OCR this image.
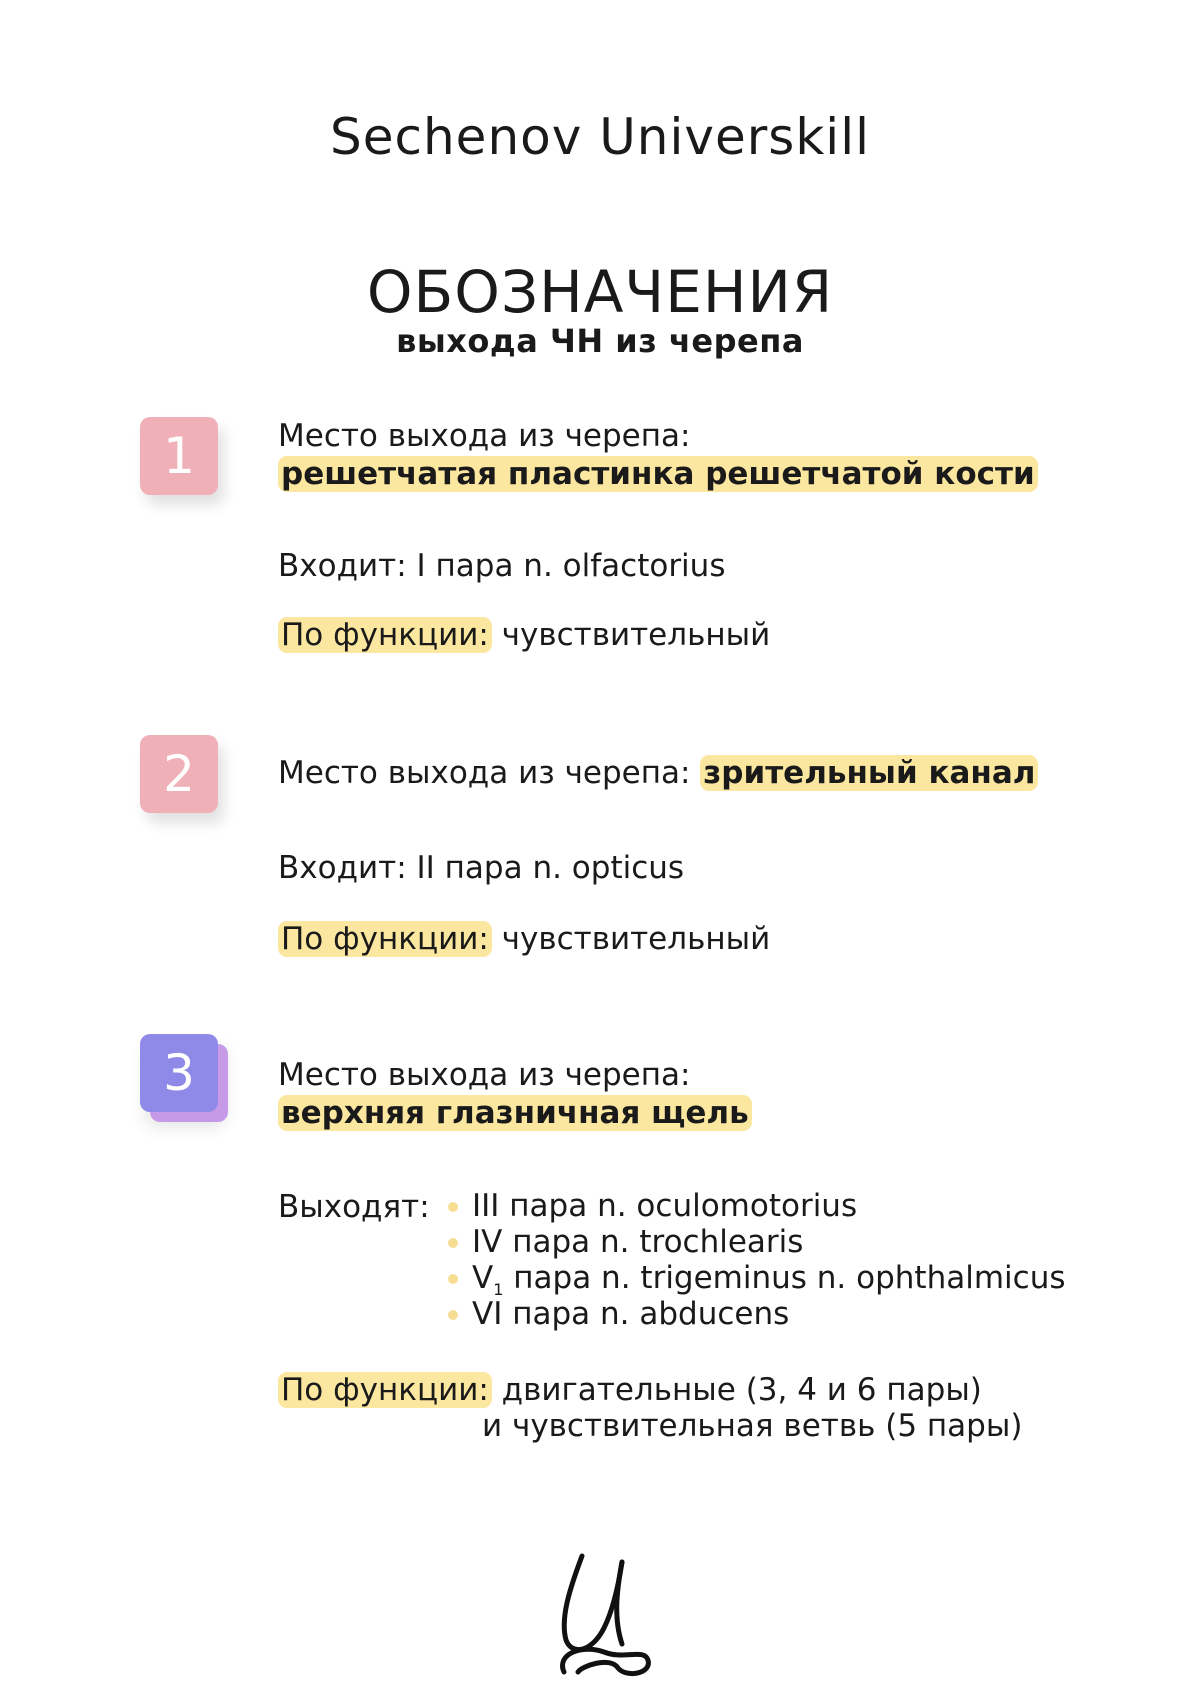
Sechenov Universkill
ОБОЗНАЧЕНИЯ
выхода ЧН из черепа
1	Место выхода из черепа:
решетчатая пластинка решетчатой кости
Входит: I пара n. olfactorius
По функции: чувствительный
2	Место выхода из черепа: зрительный канал
Входит: II пара n. opticus
По функции: чувствительный
3	Место выхода из черепа:
верхняя глазничная щель
Выходят:	III пара n. oculomotorius
IV пара n. trochlearis
$V_1$ пара n. trigeminus n. ophthalmicus
VI пара n. abducens
По функции: двигательные (3, 4 и 6 пары)
и чувствительная ветвь (5 пары)
